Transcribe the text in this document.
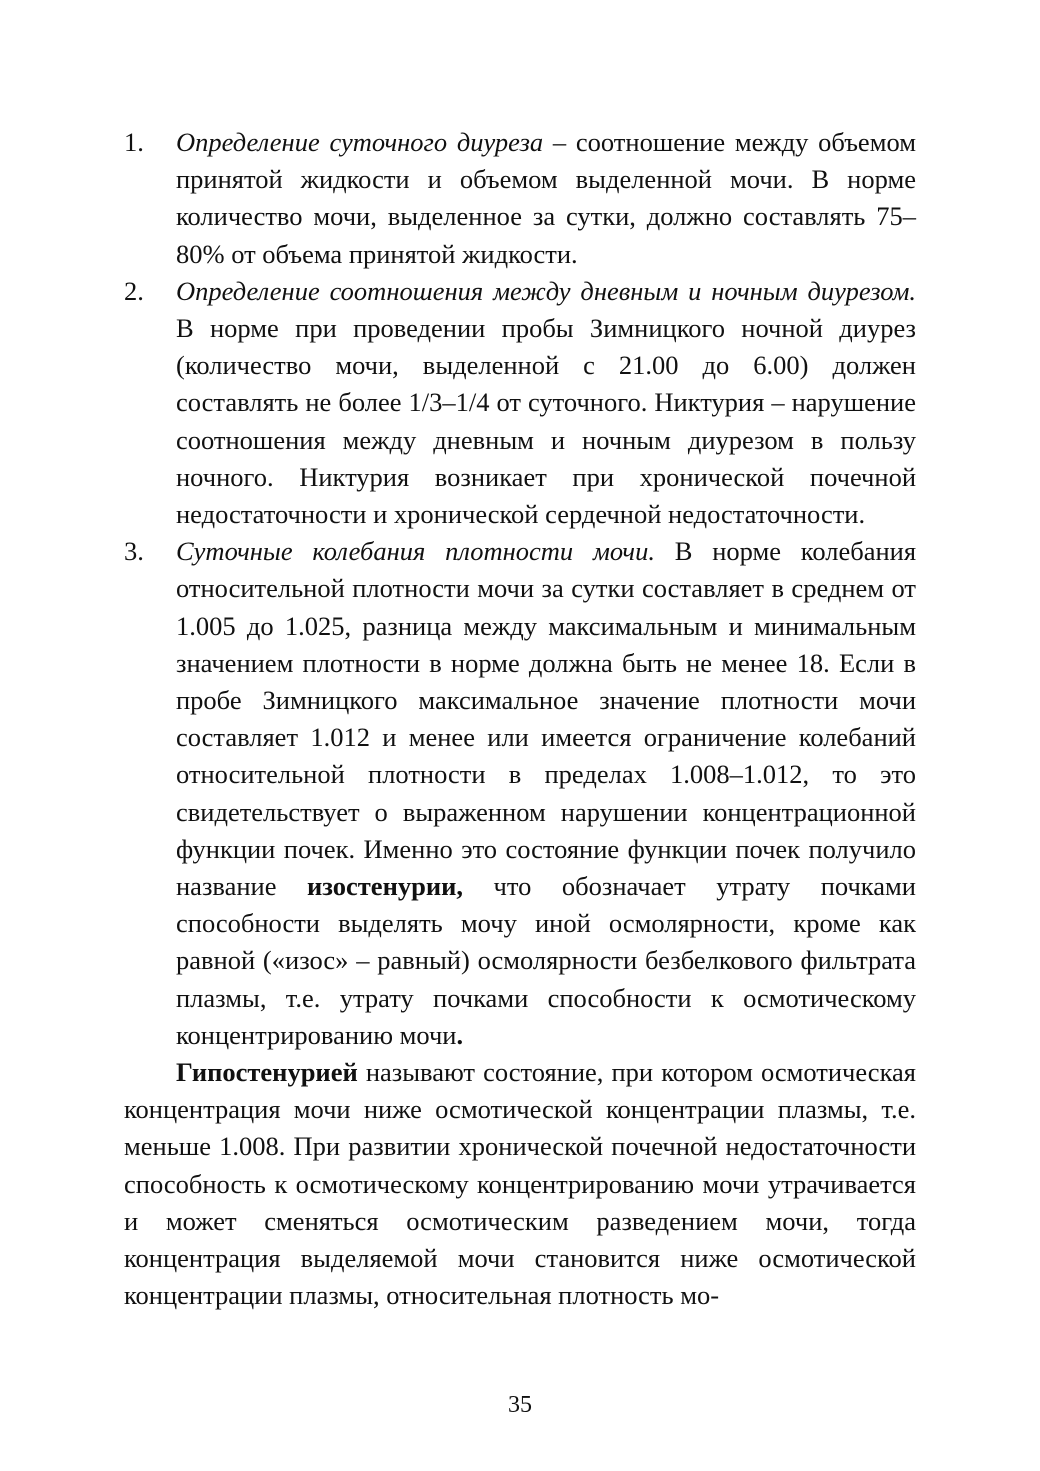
1. Определение суточного диуреза – соотношение между объемом принятой жидкости и объемом выделенной мочи. В норме количество мочи, выделенное за сутки, должно составлять 75–80% от объема принятой жидкости.
2. Определение соотношения между дневным и ночным диурезом. В норме при проведении пробы Зимницкого ночной диурез (количество мочи, выделенной с 21.00 до 6.00) должен составлять не более 1/3–1/4 от суточного. Никтурия – нарушение соотношения между дневным и ночным диурезом в пользу ночного. Никтурия возникает при хронической почечной недостаточности и хронической сердечной недостаточности.
3. Суточные колебания плотности мочи. В норме колебания относительной плотности мочи за сутки составляет в среднем от 1.005 до 1.025, разница между максимальным и минимальным значением плотности в норме должна быть не менее 18. Если в пробе Зимницкого максимальное значение плотности мочи составляет 1.012 и менее или имеется ограничение колебаний относительной плотности в пределах 1.008–1.012, то это свидетельствует о выраженном нарушении концентрационной функции почек. Именно это состояние функции почек получило название изостенурии, что обозначает утрату почками способности выделять мочу иной осмолярности, кроме как равной («изос» – равный) осмолярности безбелкового фильтрата плазмы, т.е. утрату почками способности к осмотическому концентрированию мочи.
Гипостенурией называют состояние, при котором осмотическая концентрация мочи ниже осмотической концентрации плазмы, т.е. меньше 1.008. При развитии хронической почечной недостаточности способность к осмотическому концентрированию мочи утрачивается и может сменяться осмотическим разведением мочи, тогда концентрация выделяемой мочи становится ниже осмотической концентрации плазмы, относительная плотность мо-
35
